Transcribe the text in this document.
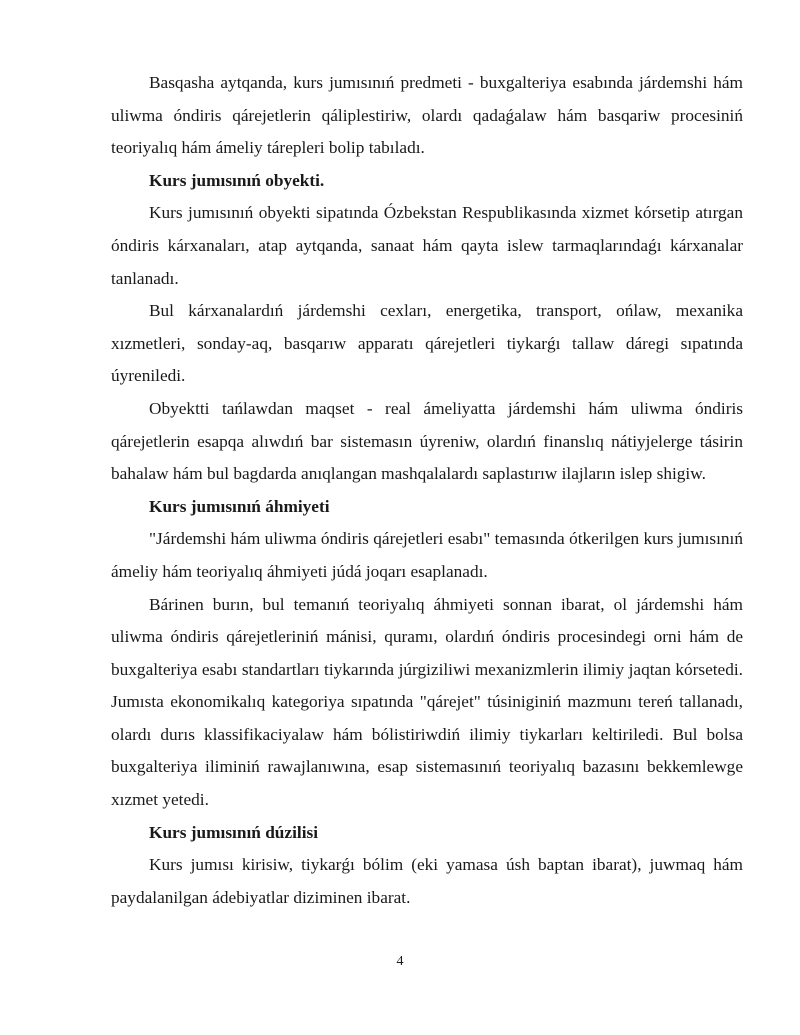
Basqasha aytqanda, kurs jumısınıń predmeti - buxgalteriya esabında járdemshi hám uliwma óndiris qárejetlerin qáliplestiriw, olardı qadaǵalaw hám basqariw procesiniń teoriyalıq hám ámeliy tárepleri bolip tabıladı.

Kurs jumısınıń obyekti.

Kurs jumısınıń obyekti sipatında Ózbekstan Respublikasında xizmet kórsetip atırgan óndiris kárxanaları, atap aytqanda, sanaat hám qayta islew tarmaqlarındaǵı kárxanalar tanlanadı.

Bul kárxanalardıń járdemshi cexları, energetika, transport, ońlaw, mexanika xızmetleri, sonday-aq, basqarıw apparatı qárejetleri tiykarǵı tallaw dáregi sıpatında úyreniledi.

Obyektti tańlawdan maqset - real ámeliyatta járdemshi hám uliwma óndiris qárejetlerin esapqa alıwdıń bar sistemasın úyreniw, olardıń finanslıq nátiyjelerge tásirin bahalaw hám bul bagdarda anıqlangan mashqalalardı saplastırıw ilajların islep shigiw.

Kurs jumısınıń áhmiyeti

"Járdemshi hám uliwma óndiris qárejetleri esabı" temasında ótkerilgen kurs jumısınıń ámeliy hám teoriyalıq áhmiyeti júdá joqarı esaplanadı.

Bárinen burın, bul temanıń teoriyalıq áhmiyeti sonnan ibarat, ol járdemshi hám uliwma óndiris qárejetleriniń mánisi, quramı, olardıń óndiris procesindegi orni hám de buxgalteriya esabı standartları tiykarında júrgiziliwi mexanizmlerin ilimiy jaqtan kórsetedi. Jumısta ekonomikalıq kategoriya sıpatında "qárejet" túsiniginiń mazmunı tereń tallanadı, olardı durıs klassifikaciyalaw hám bólistiriwdiń ilimiy tiykarları keltiriledi. Bul bolsa buxgalteriya iliminiń rawajlanıwına, esap sistemasınıń teoriyalıq bazasını bekkemlewge xızmet yetedi.

Kurs jumısınıń dúzilisi

Kurs jumısı kirisiw, tiykarǵı bólim (eki yamasa úsh baptan ibarat), juwmaq hám paydalanilgan ádebiyatlar diziminen ibarat.

4
